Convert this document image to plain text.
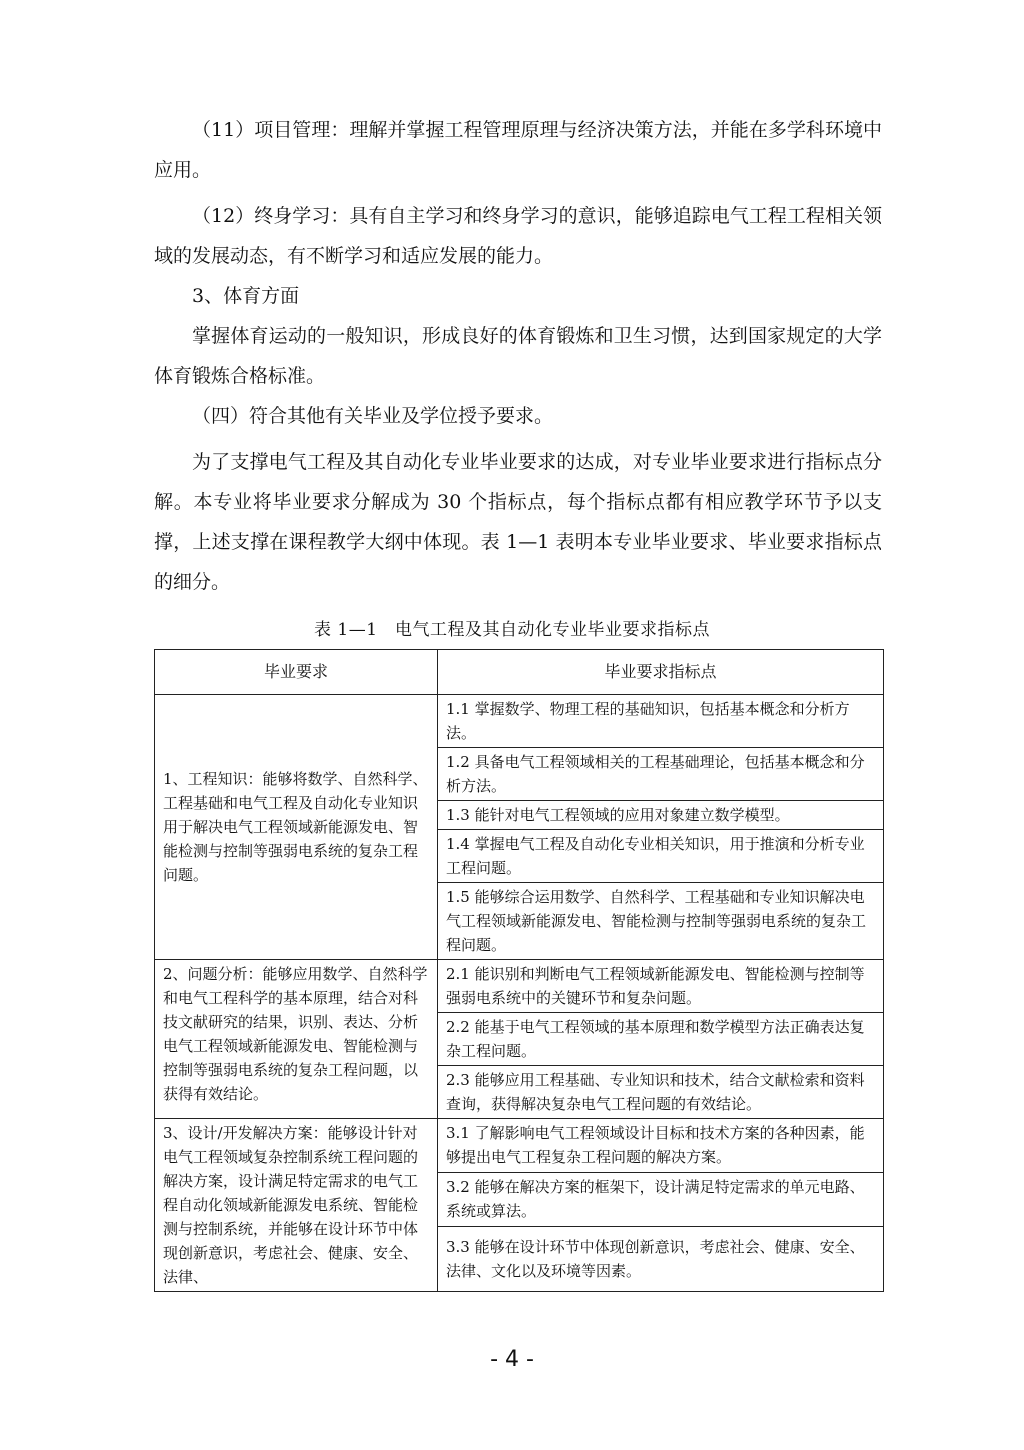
（11）项目管理：理解并掌握工程管理原理与经济决策方法，并能在多学科环境中应用。

（12）终身学习：具有自主学习和终身学习的意识，能够追踪电气工程工程相关领域的发展动态，有不断学习和适应发展的能力。

3、体育方面

掌握体育运动的一般知识，形成良好的体育锻炼和卫生习惯，达到国家规定的大学体育锻炼合格标准。

（四）符合其他有关毕业及学位授予要求。

为了支撑电气工程及其自动化专业毕业要求的达成，对专业毕业要求进行指标点分解。本专业将毕业要求分解成为 30 个指标点，每个指标点都有相应教学环节予以支撑，上述支撑在课程教学大纲中体现。表 1—1 表明本专业毕业要求、毕业要求指标点的细分。

表 1—1　电气工程及其自动化专业毕业要求指标点
毕业要求	毕业要求指标点
1、工程知识：能够将数学、自然科学、工程基础和电气工程及自动化专业知识用于解决电气工程领域新能源发电、智能检测与控制等强弱电系统的复杂工程问题。	1.1 掌握数学、物理工程的基础知识，包括基本概念和分析方法。
	1.2 具备电气工程领域相关的工程基础理论，包括基本概念和分析方法。
	1.3 能针对电气工程领域的应用对象建立数学模型。
	1.4 掌握电气工程及自动化专业相关知识，用于推演和分析专业工程问题。
	1.5 能够综合运用数学、自然科学、工程基础和专业知识解决电气工程领域新能源发电、智能检测与控制等强弱电系统的复杂工程问题。
2、问题分析：能够应用数学、自然科学和电气工程科学的基本原理，结合对科技文献研究的结果，识别、表达、分析电气工程领域新能源发电、智能检测与控制等强弱电系统的复杂工程问题，以获得有效结论。	2.1 能识别和判断电气工程领域新能源发电、智能检测与控制等强弱电系统中的关键环节和复杂问题。
	2.2 能基于电气工程领域的基本原理和数学模型方法正确表达复杂工程问题。
	2.3 能够应用工程基础、专业知识和技术，结合文献检索和资料查询，获得解决复杂电气工程问题的有效结论。
3、设计/开发解决方案：能够设计针对电气工程领域复杂控制系统工程问题的解决方案，设计满足特定需求的电气工程自动化领域新能源发电系统、智能检测与控制系统，并能够在设计环节中体现创新意识，考虑社会、健康、安全、法律、	3.1 了解影响电气工程领域设计目标和技术方案的各种因素，能够提出电气工程复杂工程问题的解决方案。
	3.2 能够在解决方案的框架下，设计满足特定需求的单元电路、系统或算法。
	3.3 能够在设计环节中体现创新意识，考虑社会、健康、安全、法律、文化以及环境等因素。
- 4 -
